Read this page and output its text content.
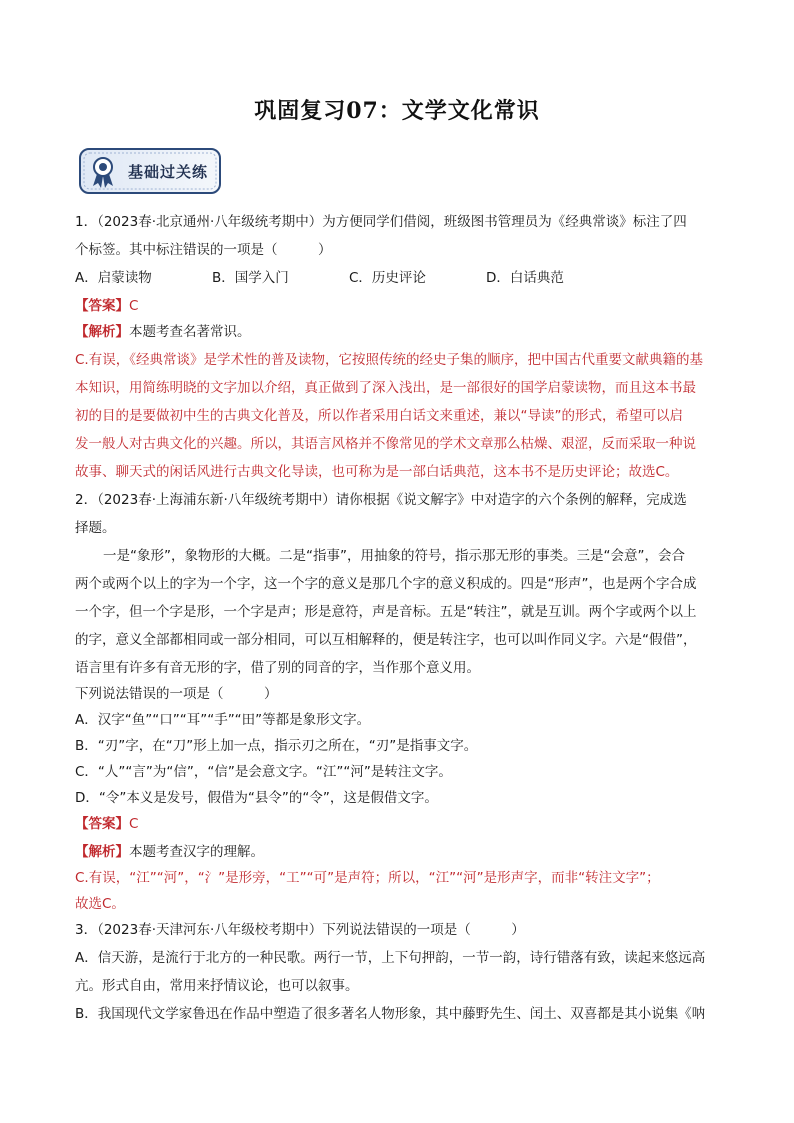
巩固复习07：文学文化常识
基础过关练
1．（2023春·北京通州·八年级统考期中）为方便同学们借阅，班级图书管理员为《经典常谈》标注了四
个标签。其中标注错误的一项是（　　　）
A．启蒙读物	B．国学入门	C．历史评论	D．白话典范
【答案】C
【解析】本题考查名著常识。
C.有误，《经典常谈》是学术性的普及读物，它按照传统的经史子集的顺序，把中国古代重要文献典籍的基
本知识，用简练明晓的文字加以介绍，真正做到了深入浅出，是一部很好的国学启蒙读物，而且这本书最
初的目的是要做初中生的古典文化普及，所以作者采用白话文来重述，兼以“导读”的形式，希望可以启
发一般人对古典文化的兴趣。所以，其语言风格并不像常见的学术文章那么枯燥、艰涩，反而采取一种说
故事、聊天式的闲话风进行古典文化导读，也可称为是一部白话典范，这本书不是历史评论；故选C。
2．（2023春·上海浦东新·八年级统考期中）请你根据《说文解字》中对造字的六个条例的解释，完成选
择题。
一是“象形”，象物形的大概。二是“指事”，用抽象的符号，指示那无形的事类。三是“会意”，会合
两个或两个以上的字为一个字，这一个字的意义是那几个字的意义积成的。四是“形声”，也是两个字合成
一个字，但一个字是形，一个字是声；形是意符，声是音标。五是“转注”，就是互训。两个字或两个以上
的字，意义全部都相同或一部分相同，可以互相解释的，便是转注字，也可以叫作同义字。六是“假借”，
语言里有许多有音无形的字，借了别的同音的字，当作那个意义用。
下列说法错误的一项是（　　　）
A．汉字“鱼”“口”“耳”“手”“田”等都是象形文字。
B．“刃”字，在“刀”形上加一点，指示刃之所在，“刃”是指事文字。
C．“人”“言”为“信”，“信”是会意文字。“江”“河”是转注文字。
D．“令”本义是发号，假借为“县令”的“令”，这是假借文字。
【答案】C
【解析】本题考查汉字的理解。
C.有误，“江”“河”，“氵”是形旁，“工”“可”是声符；所以，“江”“河”是形声字，而非“转注文字”；
故选C。
3．（2023春·天津河东·八年级校考期中）下列说法错误的一项是（　　　）
A．信天游，是流行于北方的一种民歌。两行一节，上下句押韵，一节一韵，诗行错落有致，读起来悠远高
亢。形式自由，常用来抒情议论，也可以叙事。
B．我国现代文学家鲁迅在作品中塑造了很多著名人物形象，其中藤野先生、闰土、双喜都是其小说集《呐
